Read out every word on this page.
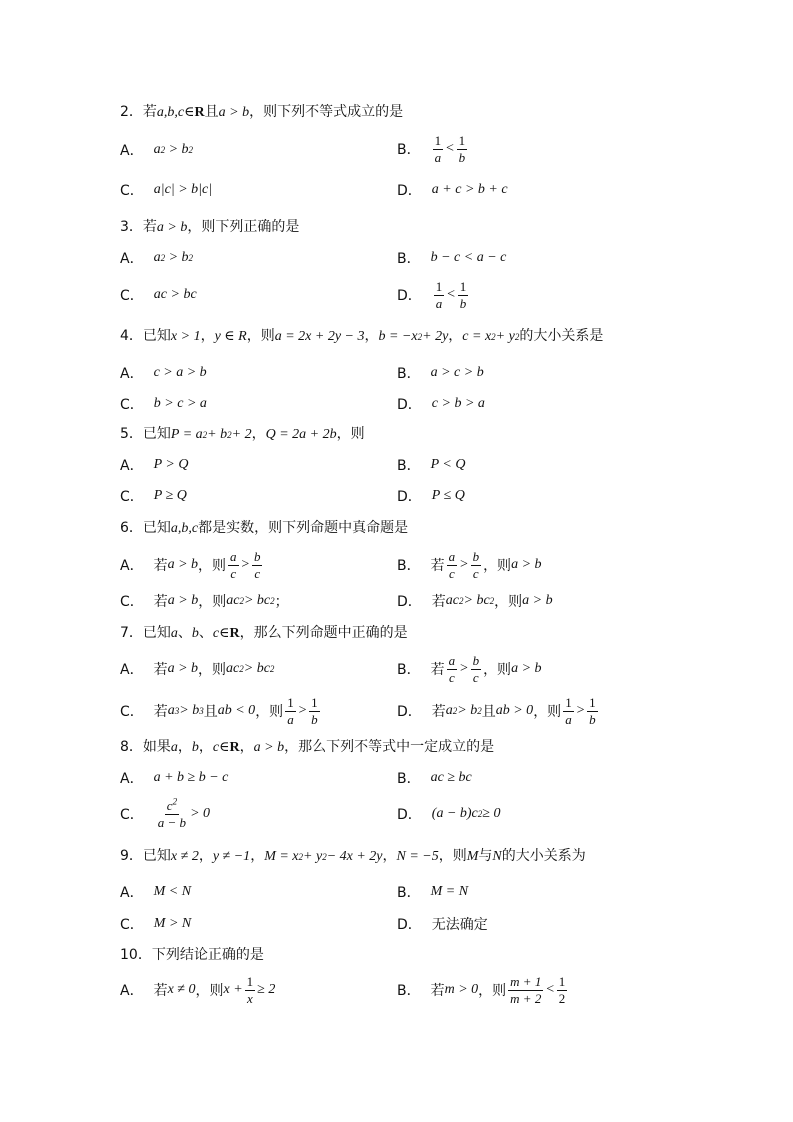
2．若a,b,c∈ R 且a > b，则下列不等式成立的是
A． a 2 > b 2	B． $\frac{1}{a} < \frac{1}{b}$
C． a|c| > b|c|	D． a + c > b + c
3．若a > b，则下列正确的是
A． a 2 > b 2	B． b − c < a − c
C． ac > bc	D． $\frac{1}{a} < \frac{1}{b}$
4．已知x > 1，y ∈ R，则a = 2x + 2y − 3，b = −x 2 + 2y，c = x 2 + y 2 的大小关系是
A． c > a > b	B． a > c > b
C． b > c > a	D． c > b > a
5．已知P = a 2 + b 2 + 2，Q = 2a + 2b，则
A． P > Q	B． P < Q
C． P ≥ Q	D． P ≤ Q
6．已知a,b,c都是实数，则下列命题中真命题是
A． 若 a > b ，则 $\frac{a}{c} > \frac{b}{c}$	B． 若 $\frac{a}{c} > \frac{b}{c}$ ，则 a > b
C． 若 a > b ，则 ac 2 > bc 2 ；	D． 若 ac 2 > bc 2 ，则 a > b
7．已知a、b、c∈ R ，那么下列命题中正确的是
A． 若 a > b ，则 ac 2 > bc 2	B． 若 $\frac{a}{c} > \frac{b}{c}$ ，则 a > b
C． 若 a 3 > b 3 且 ab < 0 ，则 $\frac{1}{a} > \frac{1}{b}$	D． 若 a 2 > b 2 且 ab > 0 ，则 $\frac{1}{a} > \frac{1}{b}$
8．如果a，b，c∈ R ，a > b，那么下列不等式中一定成立的是
A． a + b ≥ b − c	B． ac ≥ bc
C． $\frac{c^2}{a - b} > 0$	D． (a − b)c 2 ≥ 0
9．已知x ≠ 2，y ≠ −1，M = x 2 + y 2 − 4x + 2y，N = −5，则M与N的大小关系为
A． M < N	B． M = N
C． M > N	D． 无法确定
10．下列结论正确的是
A． 若 x ≠ 0 ，则 $x + \frac{1}{x} \ge 2$	B． 若 m > 0 ，则 $\frac{m + 1}{m + 2} < \frac{1}{2}$
